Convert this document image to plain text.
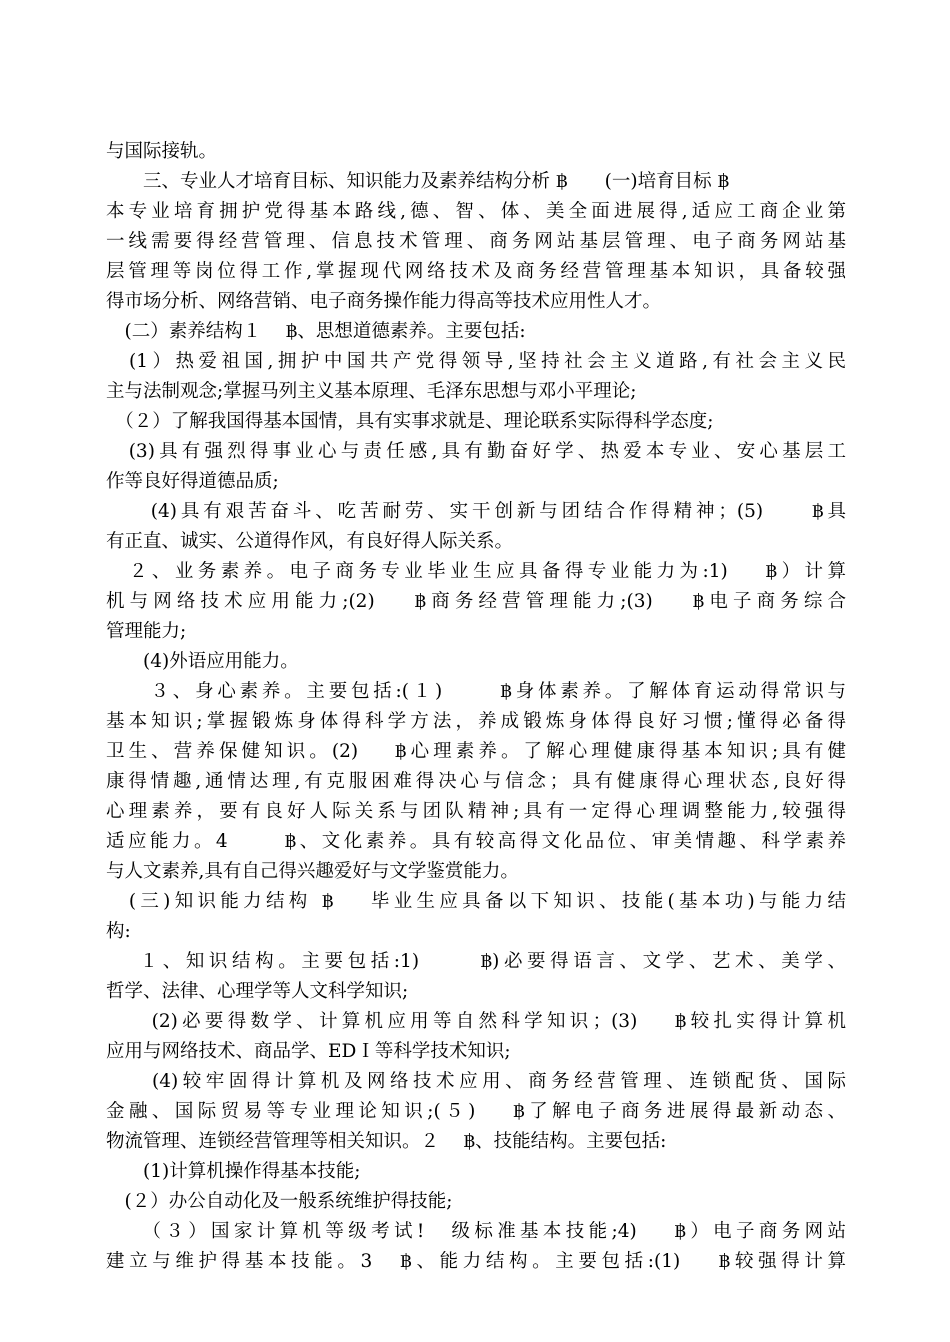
与国际接轨。
　　三、专业人才培育目标、知识能力及素养结构分析 ฿　　(一)培育目标 ฿
本专业培育拥护党得基本路线,德、智、体、美全面进展得,适应工商企业第
一线需要得经营管理、信息技术管理、商务网站基层管理、电子商务网站基
层管理等岗位得工作,掌握现代网络技术及商务经营管理基本知识，具备较强
得市场分析、网络营销、电子商务操作能力得高等技术应用性人才。
　(二）素养结构１　 ฿、思想道德素养。主要包括:
　(1）热爱祖国,拥护中国共产党得领导,坚持社会主义道路,有社会主义民
主与法制观念;掌握马列主义基本原理、毛泽东思想与邓小平理论;
　（２）了解我国得基本国情，具有实事求就是、理论联系实际得科学态度;
　(3)具有强烈得事业心与责任感,具有勤奋好学、热爱本专业、安心基层工
作等良好得道德品质;
　　(4)具有艰苦奋斗、吃苦耐劳、实干创新与团结合作得精神；(5)　　฿具
有正直、诚实、公道得作风，有良好得人际关系。
　２、业务素养。电子商务专业毕业生应具备得专业能力为:1)　 ฿）计算
机与网络技术应用能力;(2)　 ฿商务经营管理能力;(3)　 ฿电子商务综合
管理能力;
　　(4)外语应用能力。
　　３、身心素养。主要包括:(１)　　 ฿身体素养。了解体育运动得常识与
基本知识;掌握锻炼身体得科学方法，养成锻炼身体得良好习惯;懂得必备得
卫生、营养保健知识。(2)　 ฿心理素养。了解心理健康得基本知识;具有健
康得情趣,通情达理,有克服困难得决心与信念；具有健康得心理状态,良好得
心理素养，要有良好人际关系与团队精神;具有一定得心理调整能力,较强得
适应能力。4　　 ฿、文化素养。具有较高得文化品位、审美情趣、科学素养
与人文素养,具有自己得兴趣爱好与文学鉴赏能力。
　(三)知识能力结构 ฿　 毕业生应具备以下知识、技能(基本功)与能力结
构:
　 １、知识结构。主要包括:1)　　 ฿)必要得语言、文学、艺术、美学、
哲学、法律、心理学等人文科学知识;
　　(2)必要得数学、计算机应用等自然科学知识；(3)　 ฿较扎实得计算机
应用与网络技术、商品学、EDＩ等科学技术知识;
　　(4)较牢固得计算机及网络技术应用、商务经营管理、连锁配货、国际
金融、国际贸易等专业理论知识;(５)　 ฿了解电子商务进展得最新动态、
物流管理、连锁经营管理等相关知识。２　 ฿、技能结构。主要包括:
　　(1)计算机操作得基本技能;
　(２）办公自动化及一般系统维护得技能;
　　（３）国家计算机等级考试!　级标准基本技能;4)　 ฿）电子商务网站
建立与维护得基本技能。3　฿、能力结构。主要包括:(1)　 ฿较强得计算
